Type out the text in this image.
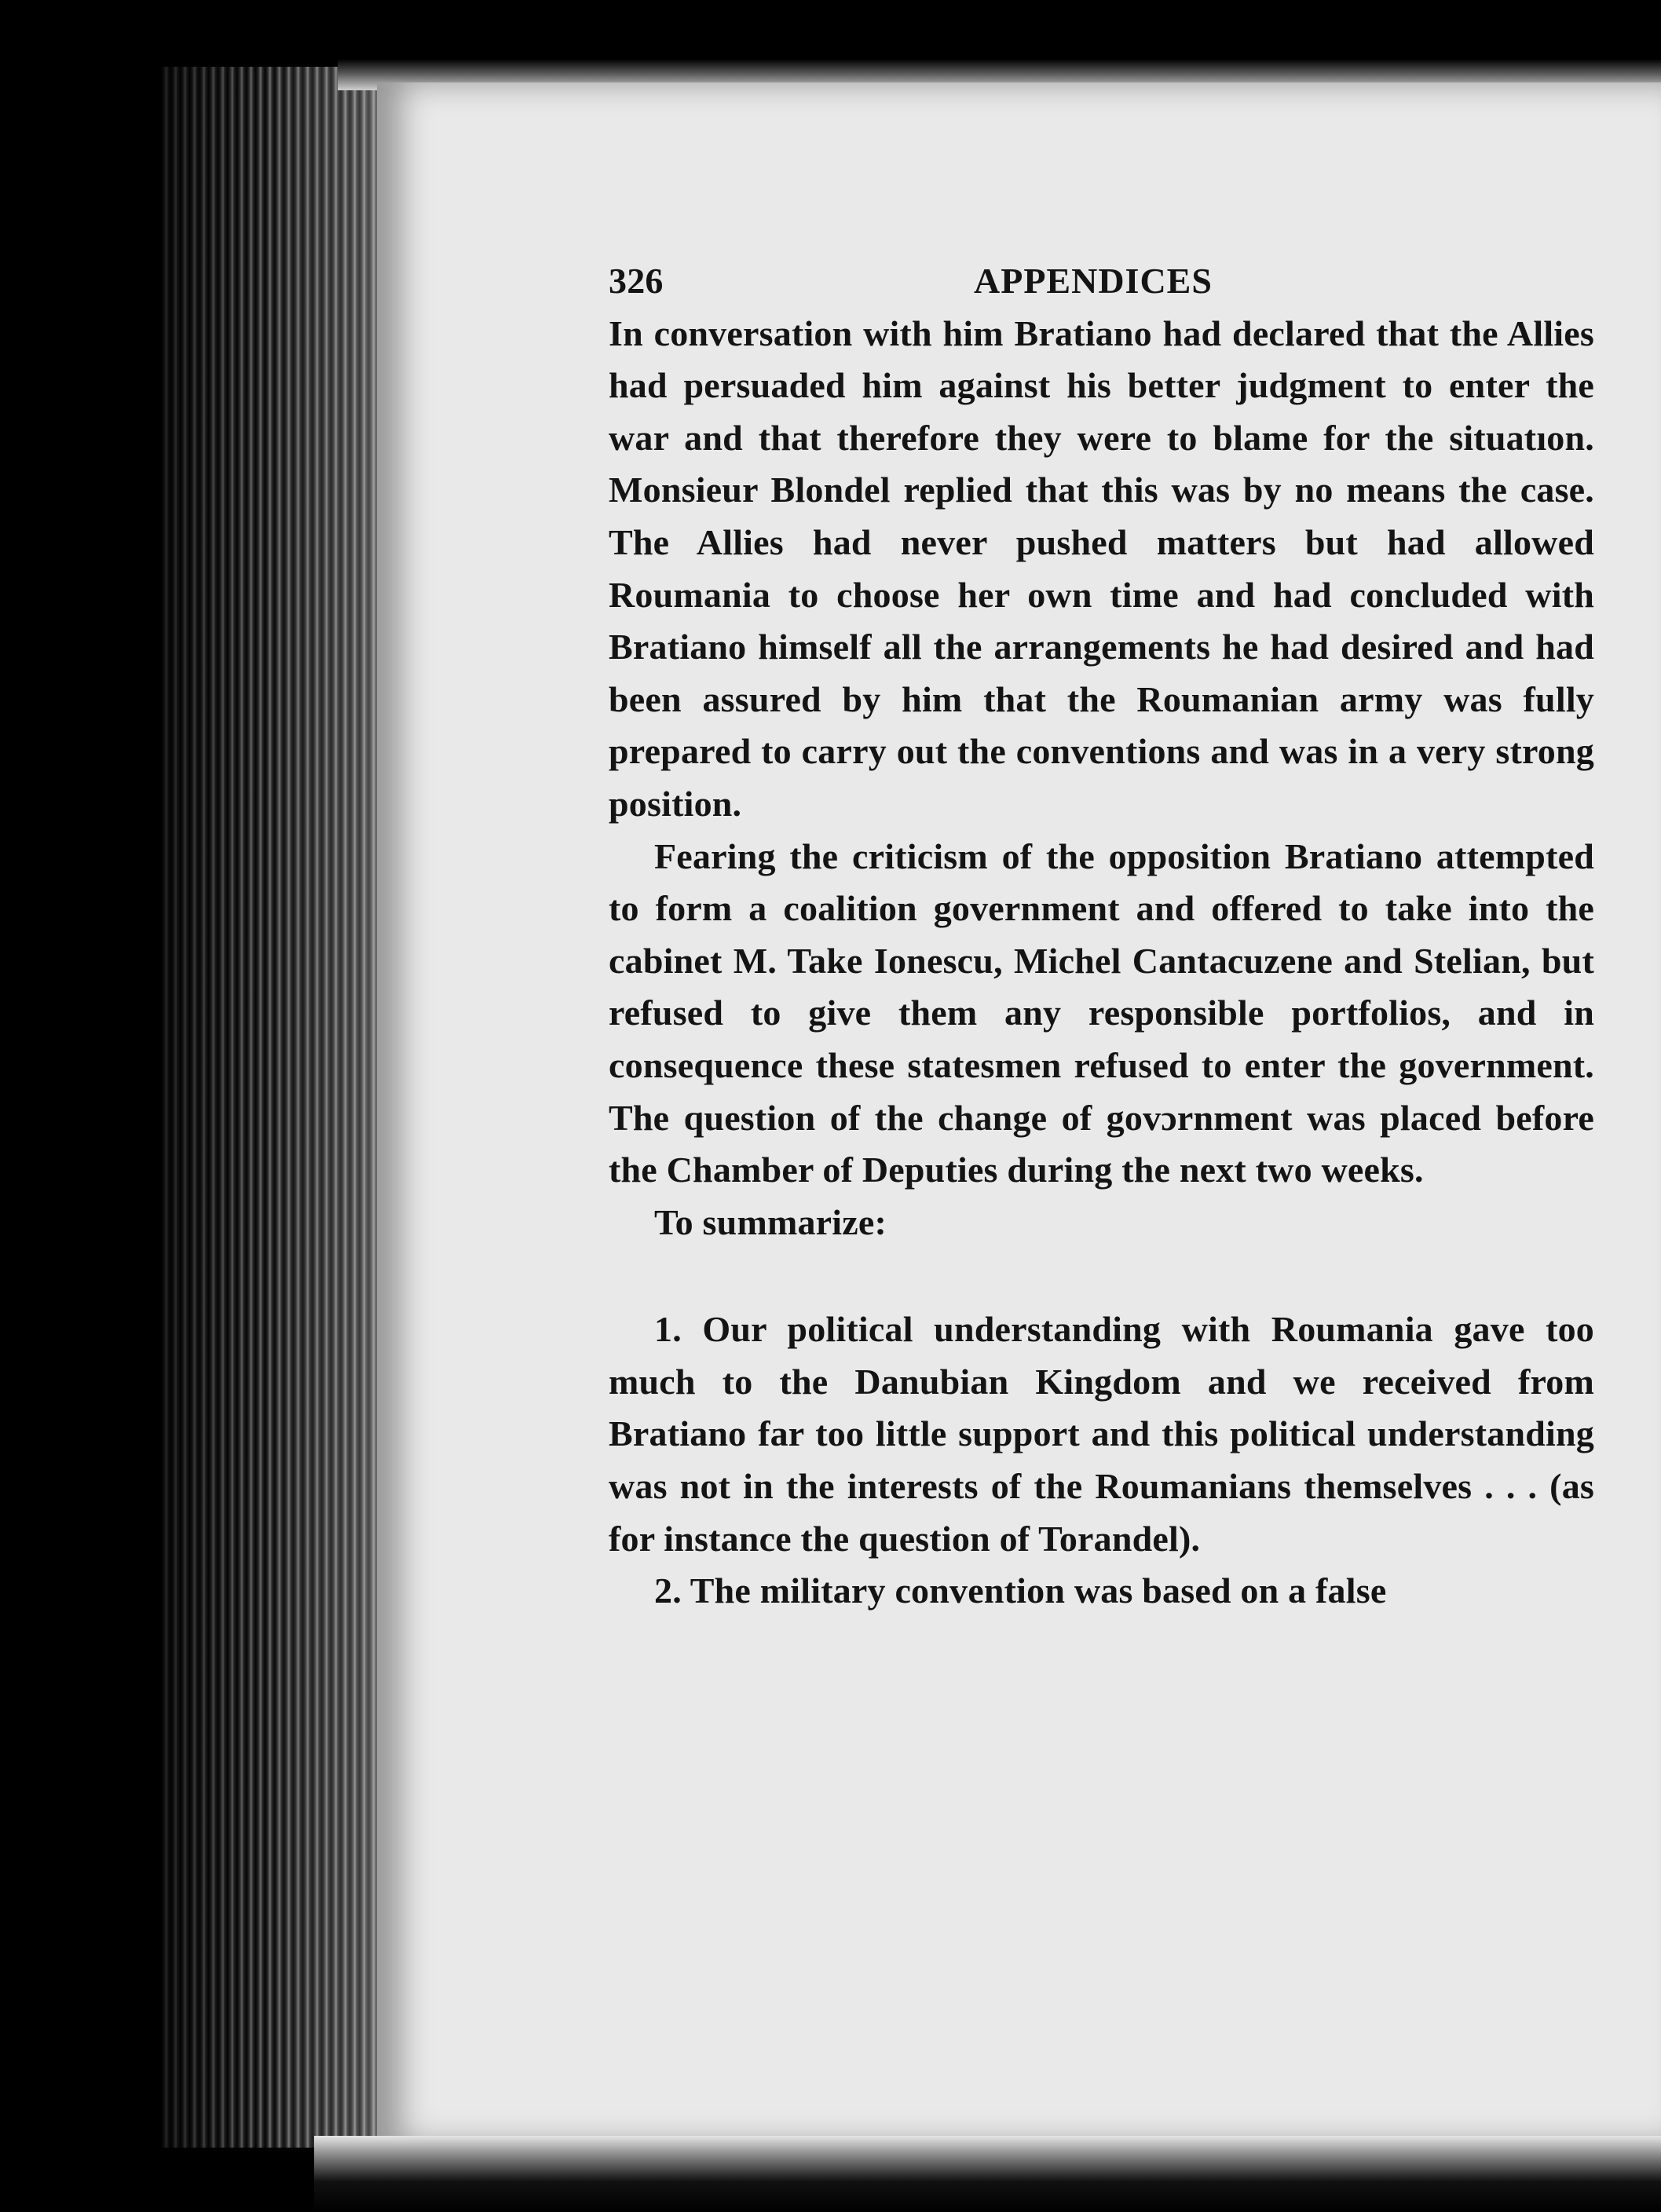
326	APPENDICES

In conversation with him Bratiano had declared that the Allies had persuaded him against his better judgment to enter the war and that therefore they were to blame for the situatıon. Monsieur Blondel replied that this was by no means the case. The Allies had never pushed matters but had allowed Roumania to choose her own time and had concluded with Bratiano himself all the arrangements he had desired and had been assured by him that the Roumanian army was fully prepared to carry out the conventions and was in a very strong position.

Fearing the criticism of the opposition Bratiano attempted to form a coalition government and offered to take into the cabinet M. Take Ionescu, Michel Cantacuzene and Stelian, but refused to give them any responsible portfolios, and in consequence these statesmen refused to enter the government. The question of the change of govɔrnment was placed before the Chamber of Deputies during the next two weeks.

To summarize:

1. Our political understanding with Roumania gave too much to the Danubian Kingdom and we received from Bratiano far too little support and this political understanding was not in the interests of the Roumanians themselves . . . (as for instance the question of Torandel).

2. The military convention was based on a false
